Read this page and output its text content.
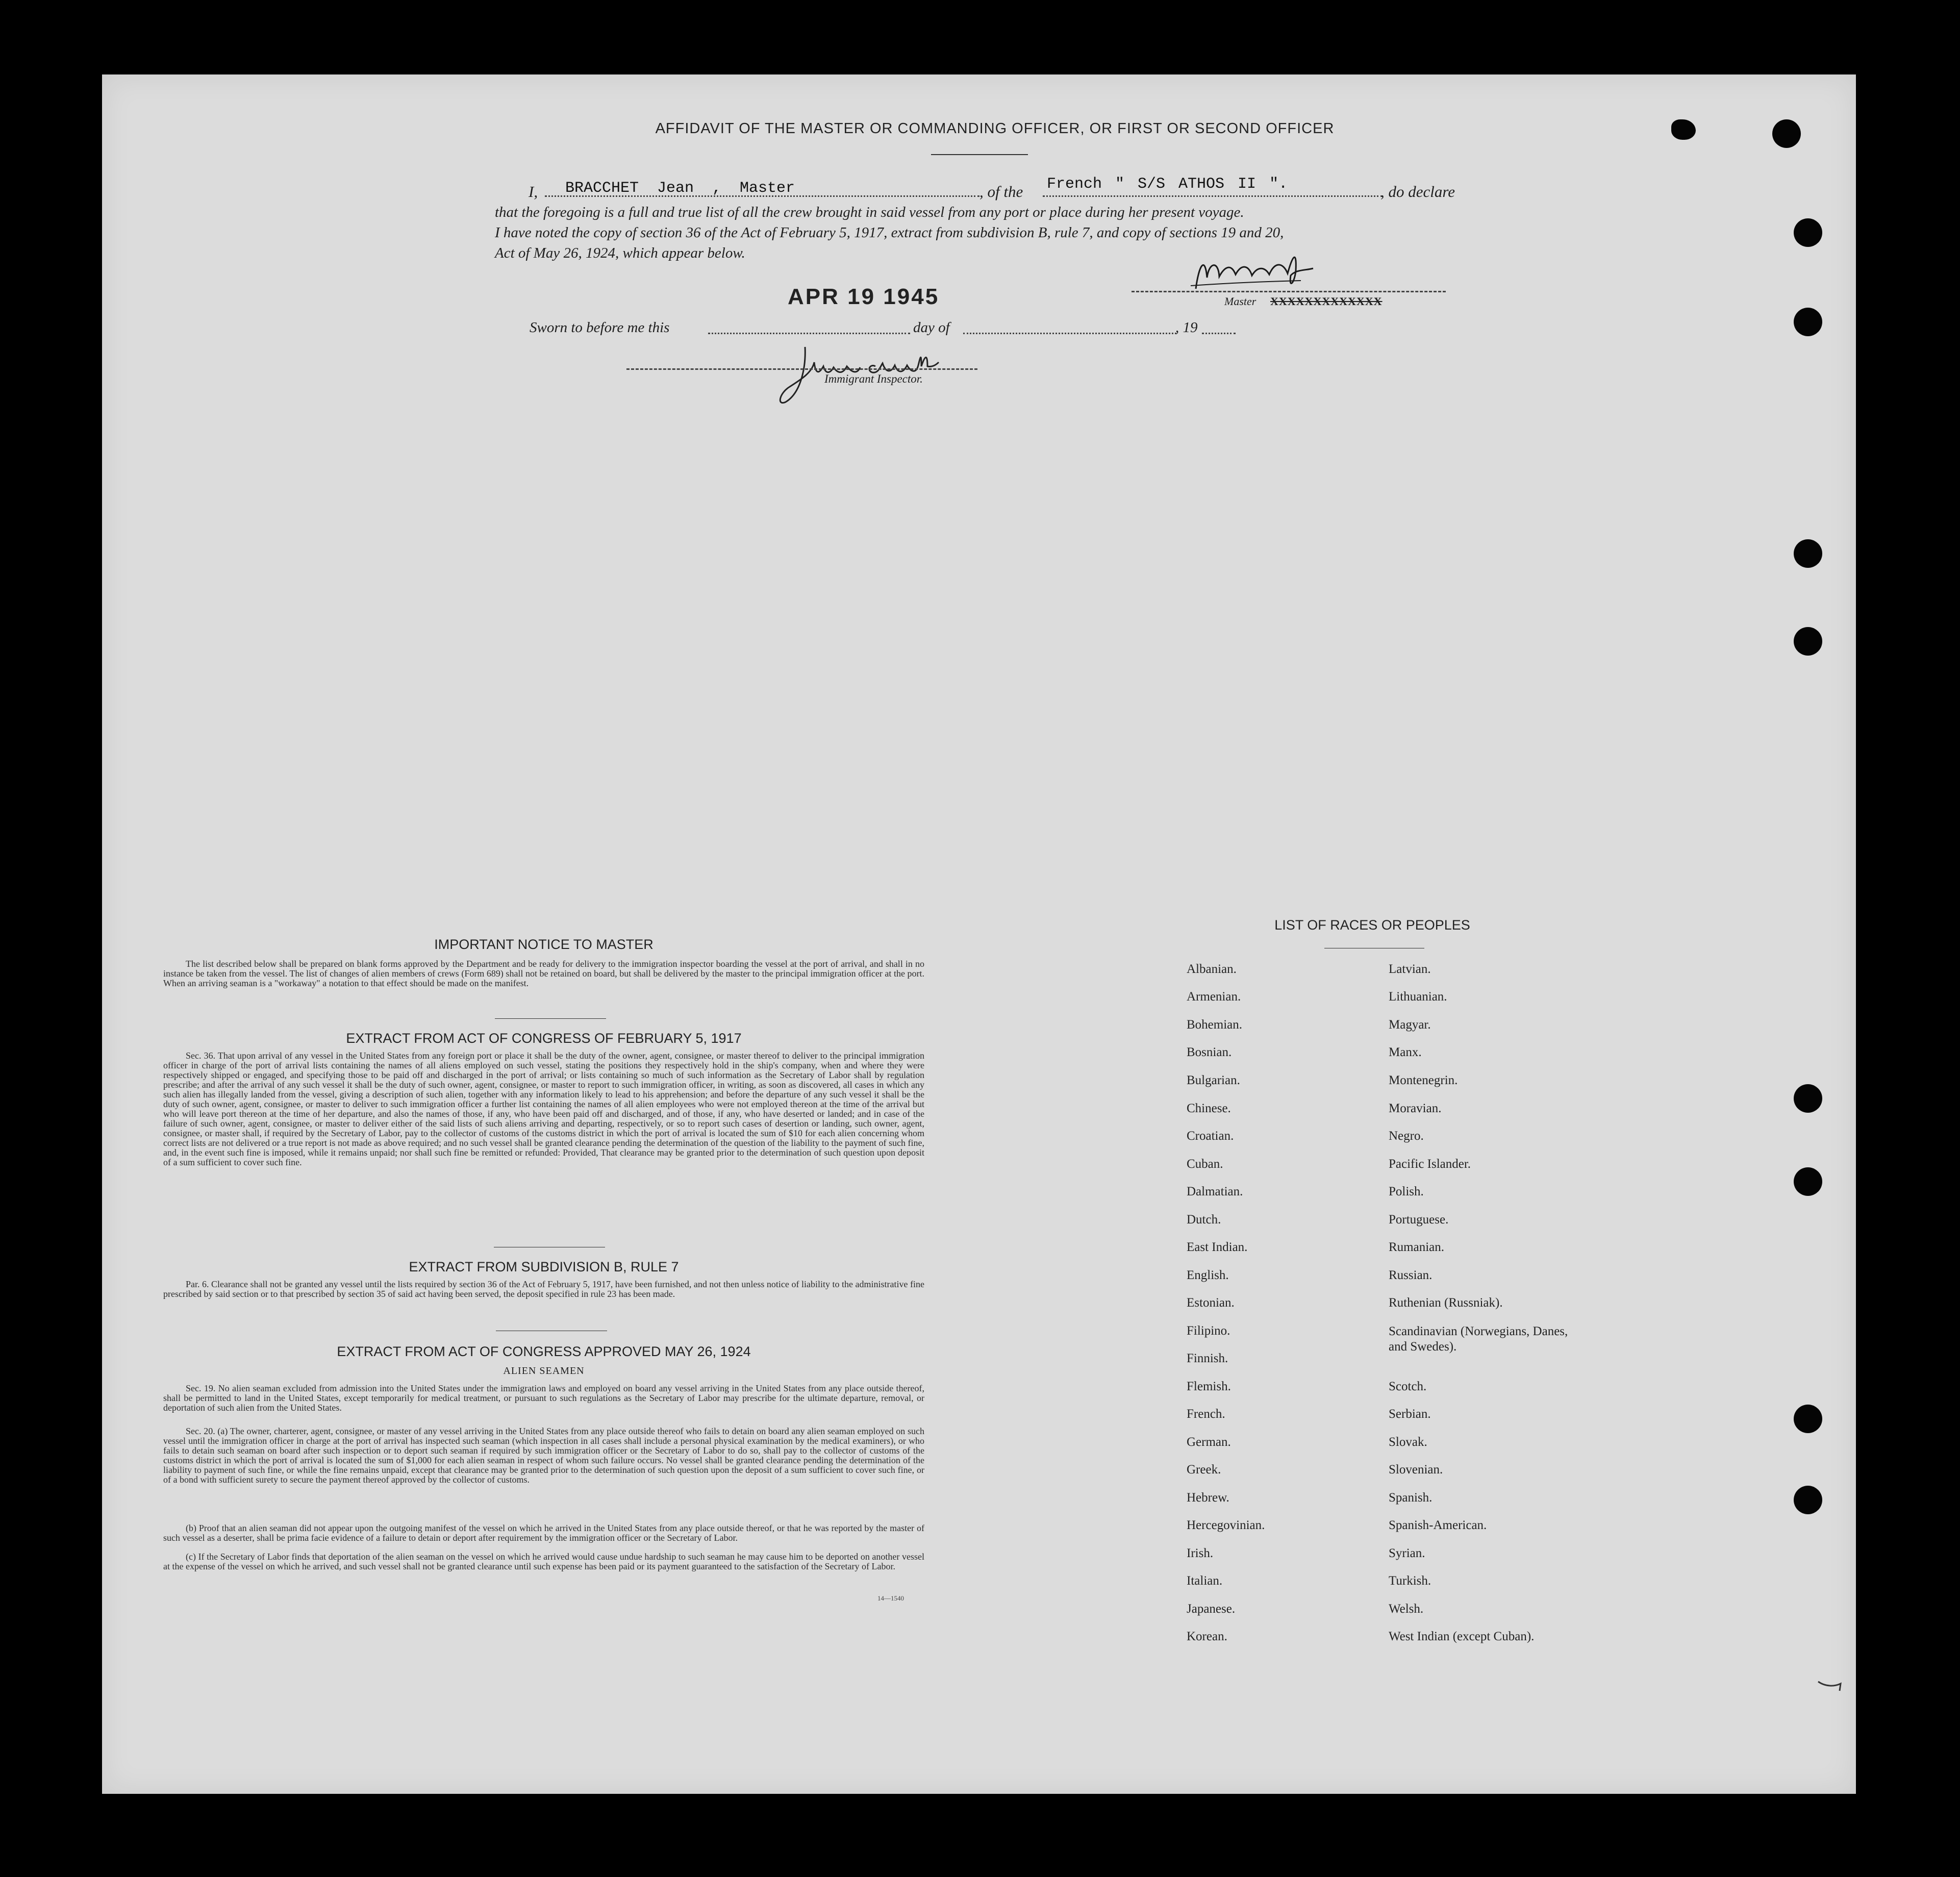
AFFIDAVIT OF THE MASTER OR COMMANDING OFFICER, OR FIRST OR SECOND OFFICER
I, BRACCHET Jean , Master	, of the French " S/S ATHOS II ".	, do declare
that the foregoing is a full and true list of all the crew brought in said vessel from any port or place during her present voyage.
I have noted the copy of section 36 of the Act of February 5, 1917, extract from subdivision B, rule 7, and copy of sections 19 and 20,
Act of May 26, 1924, which appear below.
APR 19 1945	Master XXXXXXXXXXXXX
Sworn to before me this	day of	, 19
Immigrant Inspector.
IMPORTANT NOTICE TO MASTER

The list described below shall be prepared on blank forms approved by the Department and be ready for delivery to the immigration inspector boarding the vessel at the port of arrival, and shall in no instance be taken from the vessel. The list of changes of alien members of crews (Form 689) shall not be retained on board, but shall be delivered by the master to the principal immigration officer at the port. When an arriving seaman is a "workaway" a notation to that effect should be made on the manifest.

EXTRACT FROM ACT OF CONGRESS OF FEBRUARY 5, 1917

Sec. 36. That upon arrival of any vessel in the United States from any foreign port or place it shall be the duty of the owner, agent, consignee, or master thereof to deliver to the principal immigration officer in charge of the port of arrival lists containing the names of all aliens employed on such vessel, stating the positions they respectively hold in the ship's company, when and where they were respectively shipped or engaged, and specifying those to be paid off and discharged in the port of arrival; or lists containing so much of such information as the Secretary of Labor shall by regulation prescribe; and after the arrival of any such vessel it shall be the duty of such owner, agent, consignee, or master to report to such immigration officer, in writing, as soon as discovered, all cases in which any such alien has illegally landed from the vessel, giving a description of such alien, together with any information likely to lead to his apprehension; and before the departure of any such vessel it shall be the duty of such owner, agent, consignee, or master to deliver to such immigration officer a further list containing the names of all alien employees who were not employed thereon at the time of the arrival but who will leave port thereon at the time of her departure, and also the names of those, if any, who have been paid off and discharged, and of those, if any, who have deserted or landed; and in case of the failure of such owner, agent, consignee, or master to deliver either of the said lists of such aliens arriving and departing, respectively, or so to report such cases of desertion or landing, such owner, agent, consignee, or master shall, if required by the Secretary of Labor, pay to the collector of customs of the customs district in which the port of arrival is located the sum of $10 for each alien concerning whom correct lists are not delivered or a true report is not made as above required; and no such vessel shall be granted clearance pending the determination of the question of the liability to the payment of such fine, and, in the event such fine is imposed, while it remains unpaid; nor shall such fine be remitted or refunded: Provided, That clearance may be granted prior to the determination of such question upon deposit of a sum sufficient to cover such fine.

EXTRACT FROM SUBDIVISION B, RULE 7

Par. 6. Clearance shall not be granted any vessel until the lists required by section 36 of the Act of February 5, 1917, have been furnished, and not then unless notice of liability to the administrative fine prescribed by said section or to that prescribed by section 35 of said act having been served, the deposit specified in rule 23 has been made.

EXTRACT FROM ACT OF CONGRESS APPROVED MAY 26, 1924
ALIEN SEAMEN

Sec. 19. No alien seaman excluded from admission into the United States under the immigration laws and employed on board any vessel arriving in the United States from any place outside thereof, shall be permitted to land in the United States, except temporarily for medical treatment, or pursuant to such regulations as the Secretary of Labor may prescribe for the ultimate departure, removal, or deportation of such alien from the United States.

Sec. 20. (a) The owner, charterer, agent, consignee, or master of any vessel arriving in the United States from any place outside thereof who fails to detain on board any alien seaman employed on such vessel until the immigration officer in charge at the port of arrival has inspected such seaman (which inspection in all cases shall include a personal physical examination by the medical examiners), or who fails to detain such seaman on board after such inspection or to deport such seaman if required by such immigration officer or the Secretary of Labor to do so, shall pay to the collector of customs of the customs district in which the port of arrival is located the sum of $1,000 for each alien seaman in respect of whom such failure occurs. No vessel shall be granted clearance pending the determination of the liability to payment of such fine, or while the fine remains unpaid, except that clearance may be granted prior to the determination of such question upon the deposit of a sum sufficient to cover such fine, or of a bond with sufficient surety to secure the payment thereof approved by the collector of customs.

(b) Proof that an alien seaman did not appear upon the outgoing manifest of the vessel on which he arrived in the United States from any place outside thereof, or that he was reported by the master of such vessel as a deserter, shall be prima facie evidence of a failure to detain or deport after requirement by the immigration officer or the Secretary of Labor.

(c) If the Secretary of Labor finds that deportation of the alien seaman on the vessel on which he arrived would cause undue hardship to such seaman he may cause him to be deported on another vessel at the expense of the vessel on which he arrived, and such vessel shall not be granted clearance until such expense has been paid or its payment guaranteed to the satisfaction of the Secretary of Labor.

14—1540
LIST OF RACES OR PEOPLES
Albanian.
Armenian.
Bohemian.
Bosnian.
Bulgarian.
Chinese.
Croatian.
Cuban.
Dalmatian.
Dutch.
East Indian.
English.
Estonian.
Filipino.
Finnish.
Flemish.
French.
German.
Greek.
Hebrew.
Hercegovinian.
Irish.
Italian.
Japanese.
Korean.
Latvian.
Lithuanian.
Magyar.
Manx.
Montenegrin.
Moravian.
Negro.
Pacific Islander.
Polish.
Portuguese.
Rumanian.
Russian.
Ruthenian (Russniak).
Scandinavian (Norwegians, Danes, and Swedes).
Scotch.
Serbian.
Slovak.
Slovenian.
Spanish.
Spanish-American.
Syrian.
Turkish.
Welsh.
West Indian (except Cuban).
